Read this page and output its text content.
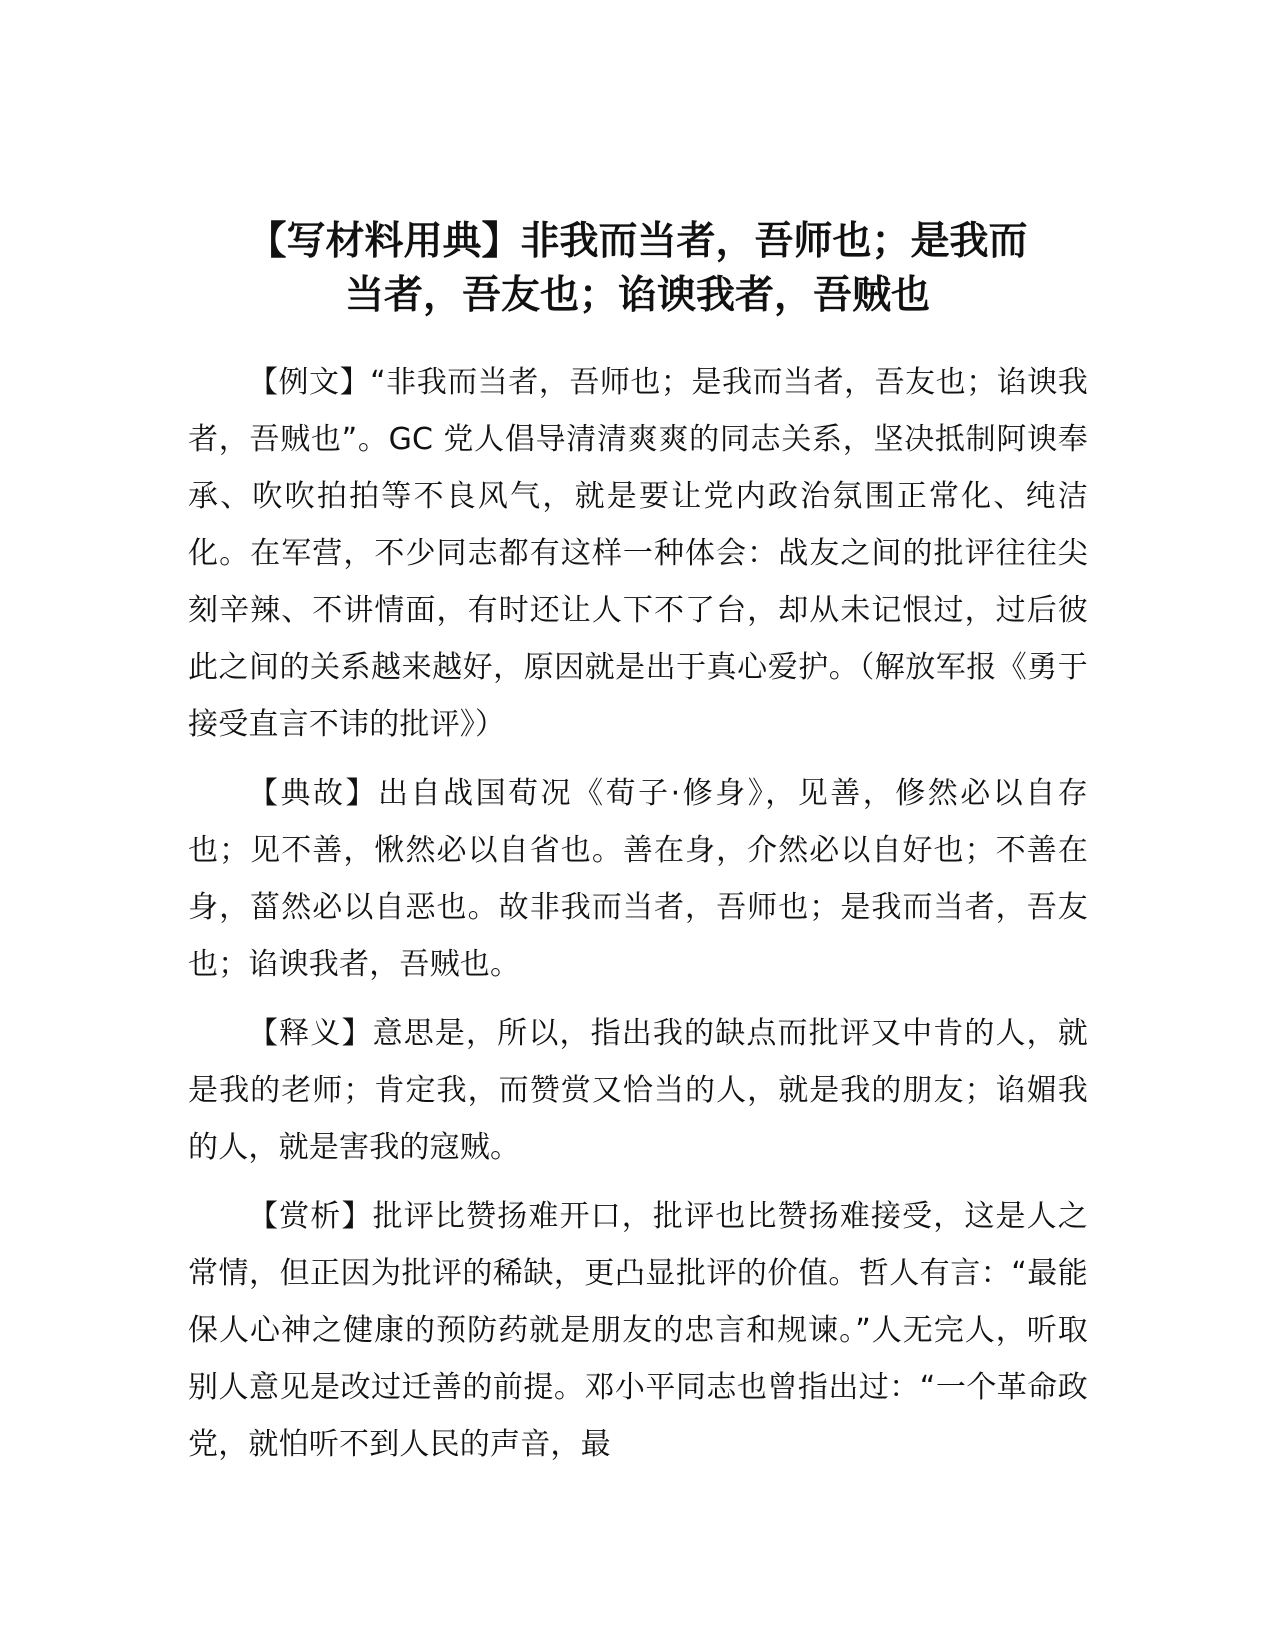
【写材料用典】非我而当者，吾师也；是我而
当者，吾友也；谄谀我者，吾贼也

【例文】“非我而当者，吾师也；是我而当者，吾友也；谄谀我者，吾贼也”。GC 党人倡导清清爽爽的同志关系，坚决抵制阿谀奉承、吹吹拍拍等不良风气，就是要让党内政治氛围正常化、纯洁化。在军营，不少同志都有这样一种体会：战友之间的批评往往尖刻辛辣、不讲情面，有时还让人下不了台，却从未记恨过，过后彼此之间的关系越来越好，原因就是出于真心爱护。（解放军报《勇于接受直言不讳的批评》）

【典故】出自战国荀况《荀子·修身》，见善，修然必以自存也；见不善，愀然必以自省也。善在身，介然必以自好也；不善在身，菑然必以自恶也。故非我而当者，吾师也；是我而当者，吾友也；谄谀我者，吾贼也。

【释义】意思是，所以，指出我的缺点而批评又中肯的人，就是我的老师；肯定我，而赞赏又恰当的人，就是我的朋友；谄媚我的人，就是害我的寇贼。

【赏析】批评比赞扬难开口，批评也比赞扬难接受，这是人之常情，但正因为批评的稀缺，更凸显批评的价值。哲人有言：“最能保人心神之健康的预防药就是朋友的忠言和规谏。”人无完人，听取别人意见是改过迁善的前提。邓小平同志也曾指出过：“一个革命政党，就怕听不到人民的声音，最
